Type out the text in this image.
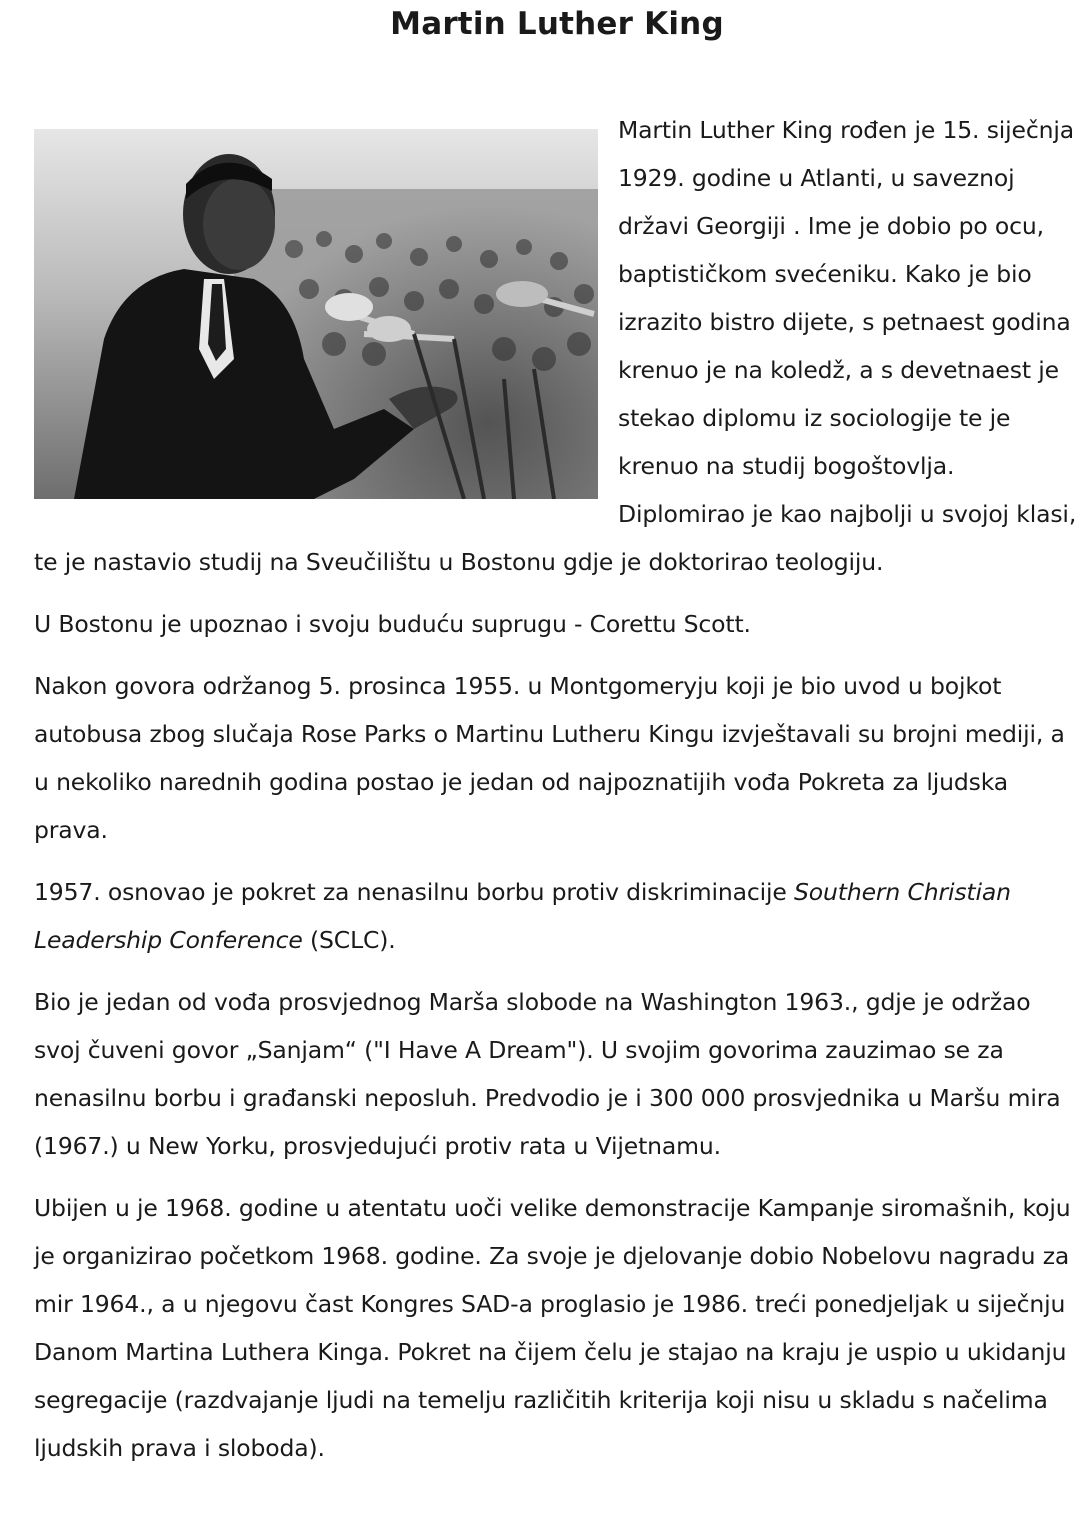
Martin Luther King

Martin Luther King rođen je 15. siječnja 1929. godine u Atlanti, u saveznoj državi Georgiji . Ime je dobio po ocu, baptističkom svećeniku. Kako je bio izrazito bistro dijete, s petnaest godina krenuo je na koledž, a s devetnaest je stekao diplomu iz sociologije te je krenuo na studij bogoštovlja. Diplomirao je kao najbolji u svojoj klasi, te je nastavio studij na Sveučilištu u Bostonu gdje je doktorirao teologiju.

U Bostonu je upoznao i svoju buduću suprugu - Corettu Scott.

Nakon govora održanog 5. prosinca 1955. u Montgomeryju koji je bio uvod u bojkot autobusa zbog slučaja Rose Parks o Martinu Lutheru Kingu izvještavali su brojni mediji, a u nekoliko narednih godina postao je jedan od najpoznatijih vođa Pokreta za ljudska prava.

1957. osnovao je pokret za nenasilnu borbu protiv diskriminacije Southern Christian Leadership Conference (SCLC).

Bio je jedan od vođa prosvjednog Marša slobode na Washington 1963., gdje je održao svoj čuveni govor „Sanjam“ ("I Have A Dream"). U svojim govorima zauzimao se za nenasilnu borbu i građanski neposluh. Predvodio je i 300 000 prosvjednika u Maršu mira (1967.) u New Yorku, prosvjedujući protiv rata u Vijetnamu.

Ubijen u je 1968. godine u atentatu uoči velike demonstracije Kampanje siromašnih, koju je organizirao početkom 1968. godine. Za svoje je djelovanje dobio Nobelovu nagradu za mir 1964., a u njegovu čast Kongres SAD-a proglasio je 1986. treći ponedjeljak u siječnju Danom Martina Luthera Kinga. Pokret na čijem čelu je stajao na kraju je uspio u ukidanju segregacije (razdvajanje ljudi na temelju različitih kriterija koji nisu u skladu s načelima ljudskih prava i sloboda).
